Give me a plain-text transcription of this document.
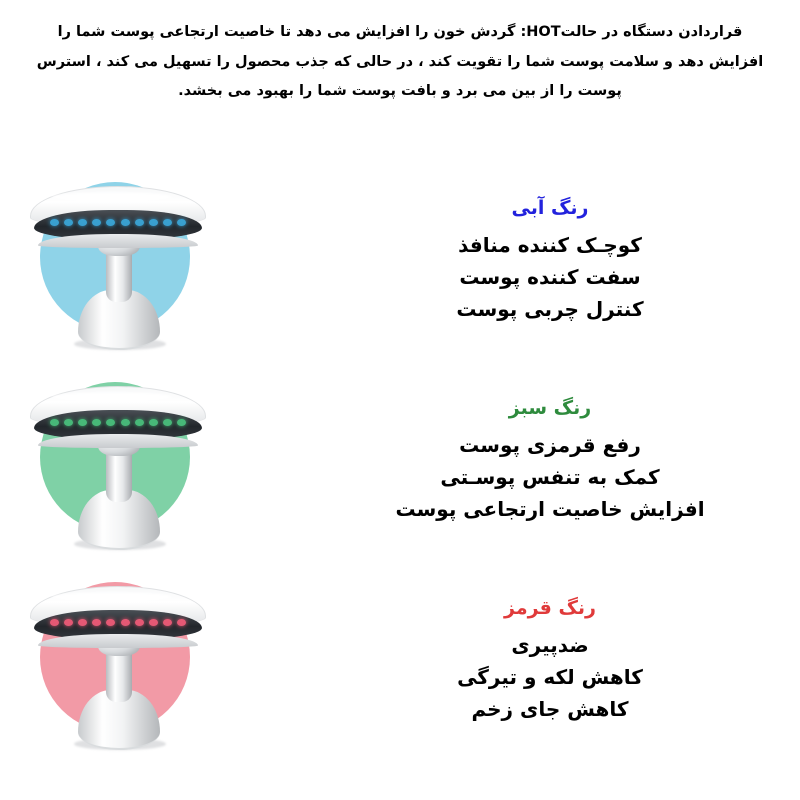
قراردادن دستگاه در حالتHOT: گردش خون را افزایش می دهد تا خاصیت ارتجاعی پوست شما را افزایش دهد و سلامت پوست شما را تقویت کند ، در حالی که جذب محصول را تسهیل می کند ، استرس پوست را از بین می برد و بافت پوست شما را بهبود می بخشد.

رنگ آبی
کوچـک کننده منافذ
سفت کننده پوست
کنترل چربی پوست
رنگ سبز
رفع قرمزی پوست
کمک به تنفس پوسـتی
افزایش خاصیت ارتجاعی پوست
رنگ قرمز
ضدپیری
کاهش لکه و تیرگی
کاهش جای زخم
